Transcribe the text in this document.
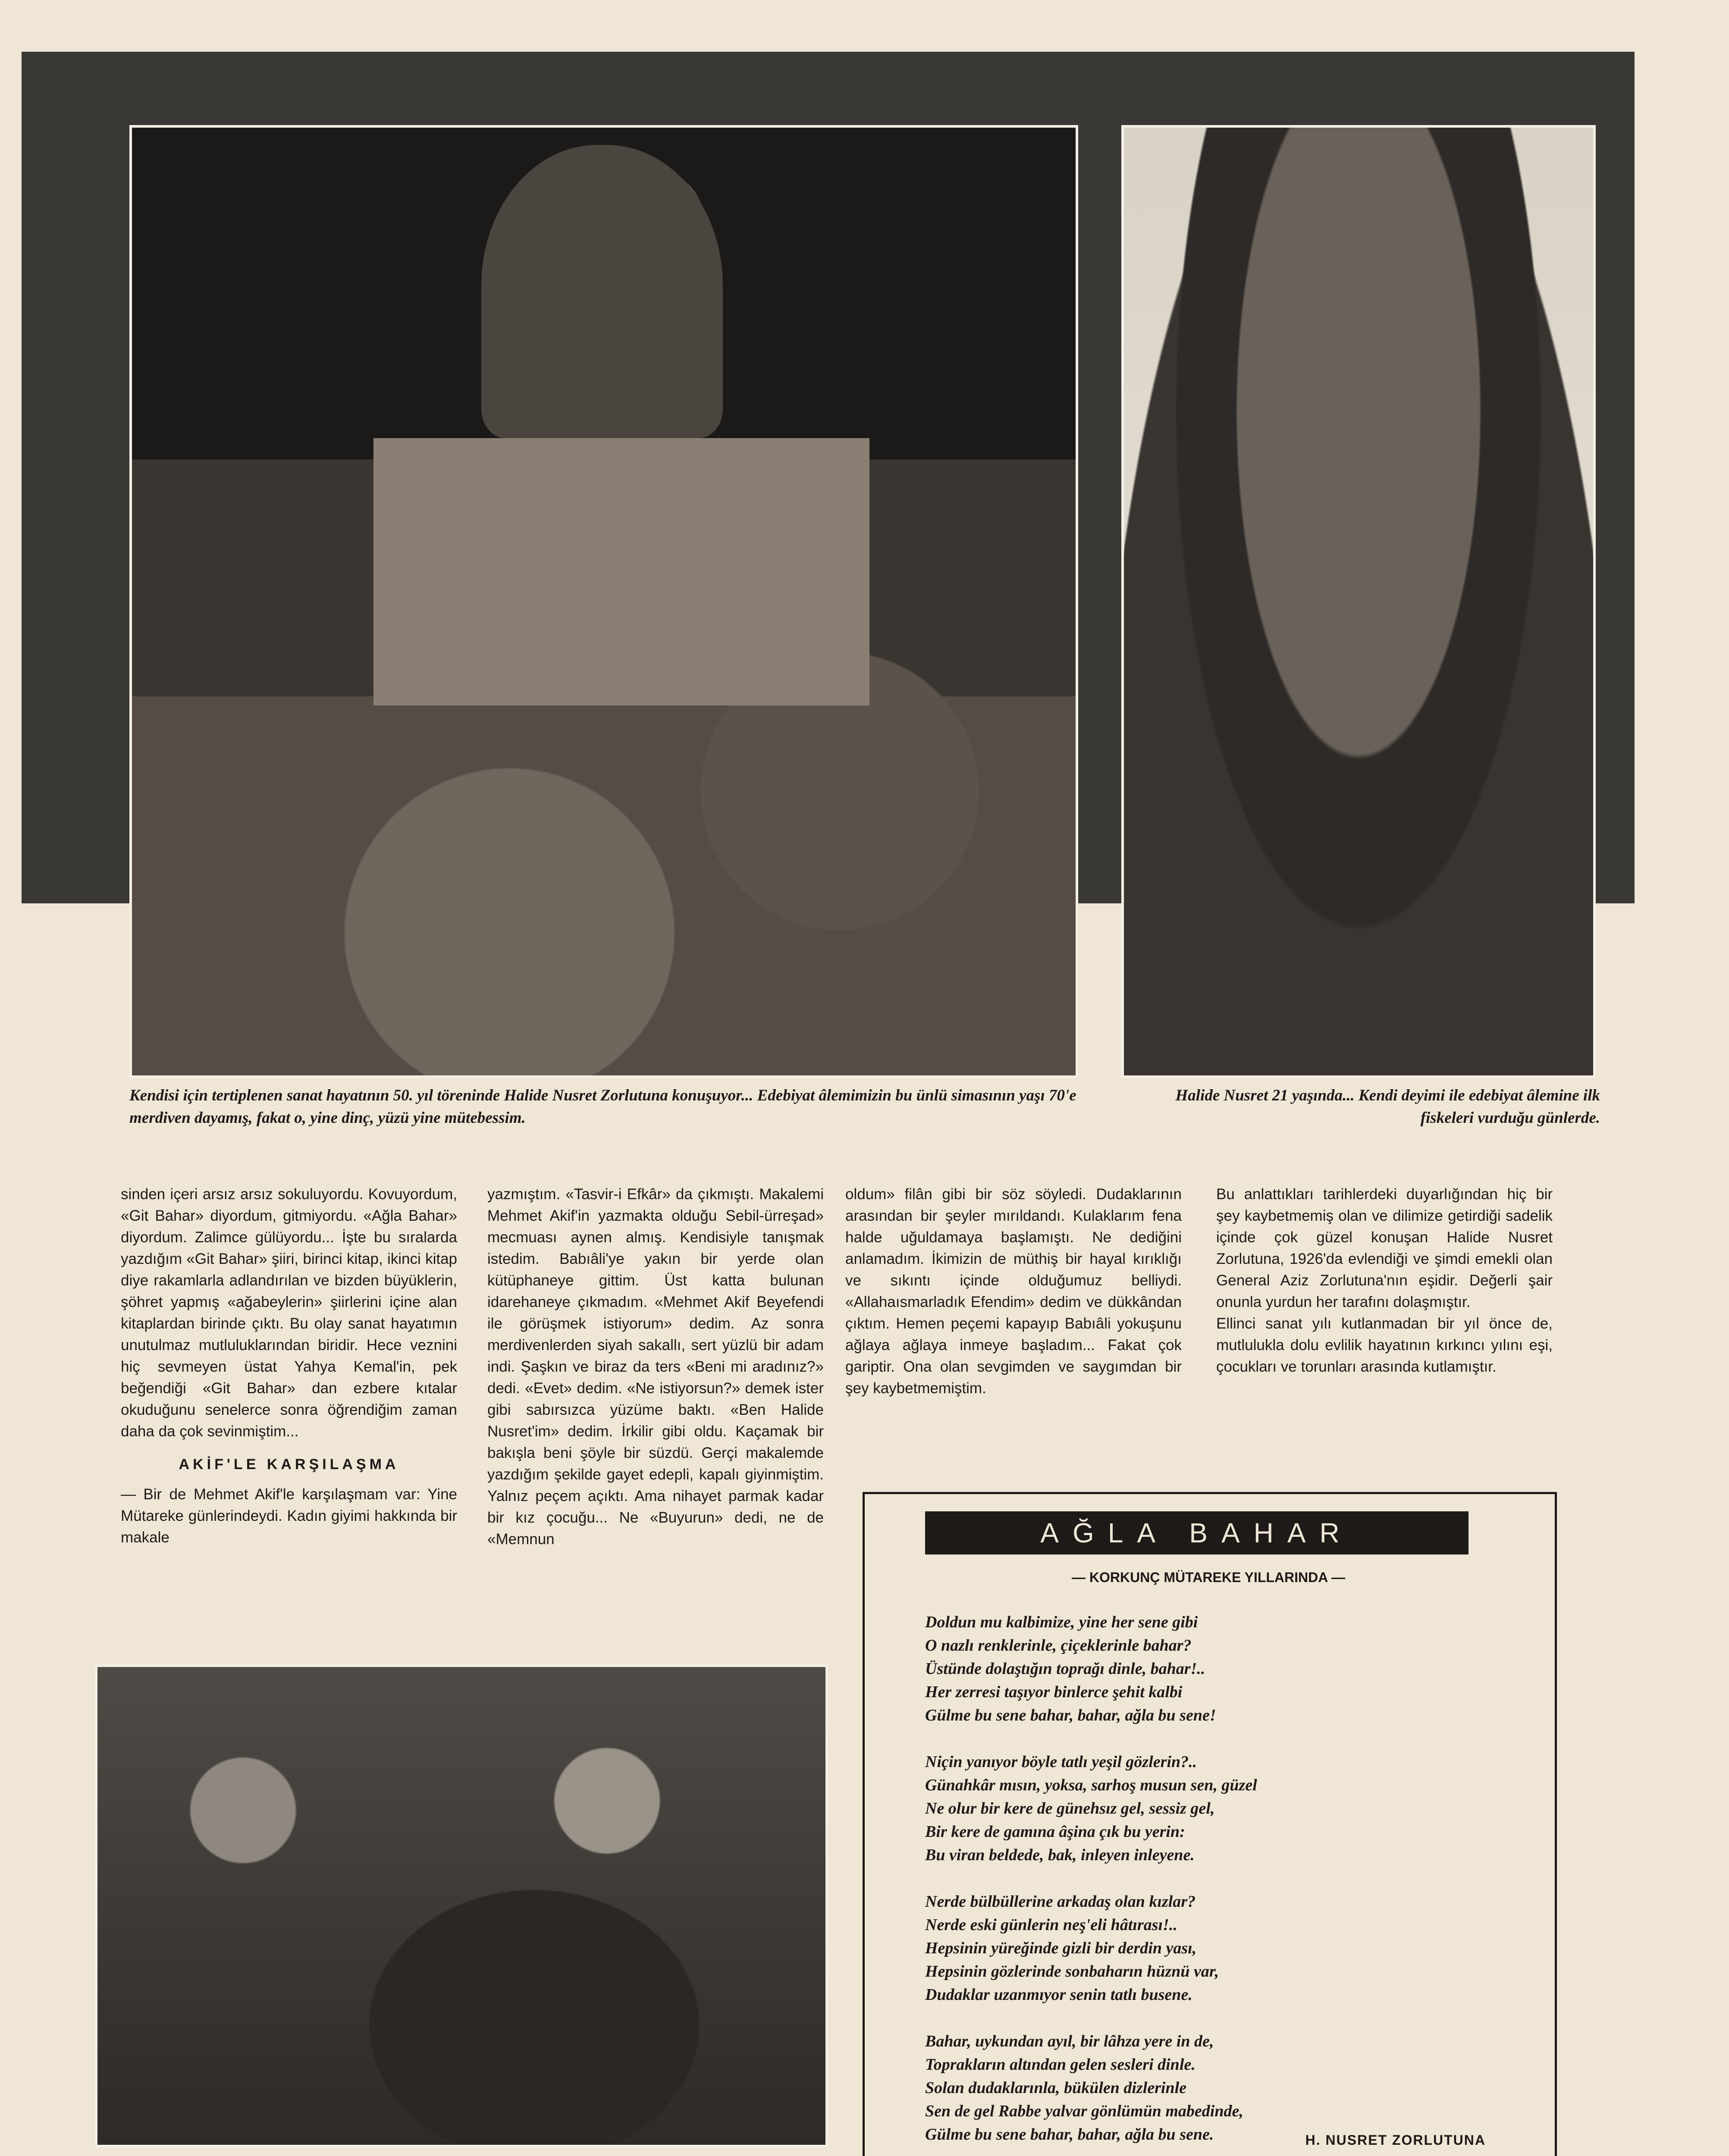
Kendisi için tertiplenen sanat hayatının 50. yıl töreninde Halide Nusret Zorlutuna konuşuyor... Edebiyat âlemimizin bu ünlü simasının yaşı 70'e merdiven dayamış, fakat o, yine dinç, yüzü yine mütebessim.
Halide Nusret 21 yaşında... Kendi deyimi ile edebiyat âlemine ilk fiskeleri vurduğu günlerde.

sinden içeri arsız arsız sokuluyordu. Kovuyordum, «Git Bahar» diyordum, gitmiyordu. «Ağla Bahar» diyordum. Zalimce gülüyordu... İşte bu sıralarda yazdığım «Git Bahar» şiiri, birinci kitap, ikinci kitap diye rakamlarla adlandırılan ve bizden büyüklerin, şöhret yapmış «ağabeylerin» şiirlerini içine alan kitaplardan birinde çıktı. Bu olay sanat hayatımın unutulmaz mutluluklarından biridir. Hece veznini hiç sevmeyen üstat Yahya Kemal'in, pek beğendiği «Git Bahar» dan ezbere kıtalar okuduğunu senelerce sonra öğrendiğim zaman daha da çok sevinmiştim...

AKİF'LE KARŞILAŞMA

— Bir de Mehmet Akif'le karşılaşmam var: Yine Mütareke günlerindeydi. Kadın giyimi hakkında bir makale

yazmıştım. «Tasvir-i Efkâr» da çıkmıştı. Makalemi Mehmet Akif'in yazmakta olduğu Sebil-ürreşad» mecmuası aynen almış. Kendisiyle tanışmak istedim. Babıâli'ye yakın bir yerde olan kütüphaneye gittim. Üst katta bulunan idarehaneye çıkmadım. «Mehmet Akif Beyefendi ile görüşmek istiyorum» dedim. Az sonra merdivenlerden siyah sakallı, sert yüzlü bir adam indi. Şaşkın ve biraz da ters «Beni mi aradınız?» dedi. «Evet» dedim. «Ne istiyorsun?» demek ister gibi sabırsızca yüzüme baktı. «Ben Halide Nusret'im» dedim. İrkilir gibi oldu. Kaçamak bir bakışla beni şöyle bir süzdü. Gerçi makalemde yazdığım şekilde gayet edepli, kapalı giyinmiştim. Yalnız peçem açıktı. Ama nihayet parmak kadar bir kız çocuğu... Ne «Buyurun» dedi, ne de «Memnun

oldum» filân gibi bir söz söyledi. Dudaklarının arasından bir şeyler mırıldandı. Kulaklarım fena halde uğuldamaya başlamıştı. Ne dediğini anlamadım. İkimizin de müthiş bir hayal kırıklığı ve sıkıntı içinde olduğumuz belliydi. «Allahaısmarladık Efendim» dedim ve dükkândan çıktım. Hemen peçemi kapayıp Babıâli yokuşunu ağlaya ağlaya inmeye başladım... Fakat çok gariptir. Ona olan sevgimden ve saygımdan bir şey kaybetmemiştim.

Bu anlattıkları tarihlerdeki duyarlığından hiç bir şey kaybetmemiş olan ve dilimize getirdiği sadelik içinde çok güzel konuşan Halide Nusret Zorlutuna, 1926'da evlendiği ve şimdi emekli olan General Aziz Zorlutuna'nın eşidir. Değerli şair onunla yurdun her tarafını dolaşmıştır.

Ellinci sanat yılı kutlanmadan bir yıl önce de, mutlulukla dolu evlilik hayatının kırkıncı yılını eşi, çocukları ve torunları arasında kutlamıştır.

AĞLA BAHAR
— KORKUNÇ MÜTAREKE YILLARINDA —
Doldun mu kalbimize, yine her sene gibi
O nazlı renklerinle, çiçeklerinle bahar?
Üstünde dolaştığın toprağı dinle, bahar!..
Her zerresi taşıyor binlerce şehit kalbi
Gülme bu sene bahar, bahar, ağla bu sene!
Niçin yanıyor böyle tatlı yeşil gözlerin?..
Günahkâr mısın, yoksa, sarhoş musun sen, güzel
Ne olur bir kere de günehsız gel, sessiz gel,
Bir kere de gamına âşina çık bu yerin:
Bu viran beldede, bak, inleyen inleyene.
Nerde bülbüllerine arkadaş olan kızlar?
Nerde eski günlerin neş'eli hâtırası!..
Hepsinin yüreğinde gizli bir derdin yası,
Hepsinin gözlerinde sonbaharın hüznü var,
Dudaklar uzanmıyor senin tatlı busene.
Bahar, uykundan ayıl, bir lâhza yere in de,
Toprakların altından gelen sesleri dinle.
Solan dudaklarınla, bükülen dizlerinle
Sen de gel Rabbe yalvar gönlümün mabedinde,
Gülme bu sene bahar, bahar, ağla bu sene.	H. NUSRET ZORLUTUNA
